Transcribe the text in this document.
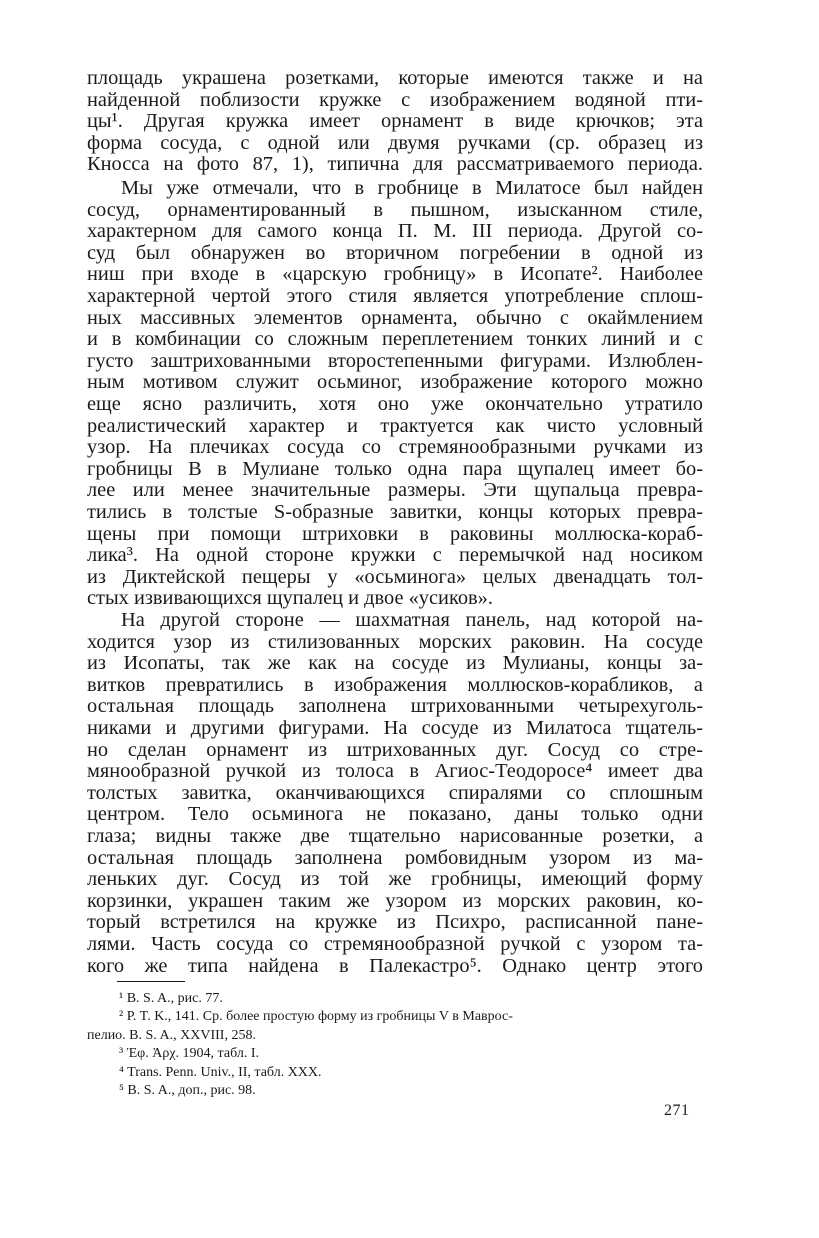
площадь украшена розетками, которые имеются также и на
найденной поблизости кружке с изображением водяной пти-
цы¹. Другая кружка имеет орнамент в виде крючков; эта
форма сосуда, с одной или двумя ручками (ср. образец из
Кносса на фото 87, 1), типична для рассматриваемого периода.

Мы уже отмечали, что в гробнице в Милатосе был найден
сосуд, орнаментированный в пышном, изысканном стиле,
характерном для самого конца П. М. III периода. Другой со-
суд был обнаружен во вторичном погребении в одной из
ниш при входе в «царскую гробницу» в Исопате². Наиболее
характерной чертой этого стиля является употребление сплош-
ных массивных элементов орнамента, обычно с окаймлением
и в комбинации со сложным переплетением тонких линий и с
густо заштрихованными второстепенными фигурами. Излюблен-
ным мотивом служит осьминог, изображение которого можно
еще ясно различить, хотя оно уже окончательно утратило
реалистический характер и трактуется как чисто условный
узор. На плечиках сосуда со стремянообразными ручками из
гробницы В в Мулиане только одна пара щупалец имеет бо-
лее или менее значительные размеры. Эти щупальца превра-
тились в толстые S-образные завитки, концы которых превра-
щены при помощи штриховки в раковины моллюска-кораб-
лика³. На одной стороне кружки с перемычкой над носиком
из Диктейской пещеры у «осьминога» целых двенадцать тол-
стых извивающихся щупалец и двое «усиков».

На другой стороне — шахматная панель, над которой на-
ходится узор из стилизованных морских раковин. На сосуде
из Исопаты, так же как на сосуде из Мулианы, концы за-
витков превратились в изображения моллюсков-корабликов, а
остальная площадь заполнена штрихованными четырехуголь-
никами и другими фигурами. На сосуде из Милатоса тщатель-
но сделан орнамент из штрихованных дуг. Сосуд со стре-
мянообразной ручкой из толоса в Агиос-Теодоросе⁴ имеет два
толстых завитка, оканчивающихся спиралями со сплошным
центром. Тело осьминога не показано, даны только одни
глаза; видны также две тщательно нарисованные розетки, а
остальная площадь заполнена ромбовидным узором из ма-
леньких дуг. Сосуд из той же гробницы, имеющий форму
корзинки, украшен таким же узором из морских раковин, ко-
торый встретился на кружке из Психро, расписанной пане-
лями. Часть сосуда со стремянообразной ручкой с узором та-
кого же типа найдена в Палекастро⁵. Однако центр этого

¹ B. S. A., рис. 77.
² P. T. K., 141. Ср. более простую форму из гробницы V в Маврос-
пелио. B. S. A., XXVIII, 258.
³ Ἐφ. Ἀρχ. 1904, табл. I.
⁴ Trans. Penn. Univ., II, табл. XXX.
⁵ B. S. A., доп., рис. 98.
271
